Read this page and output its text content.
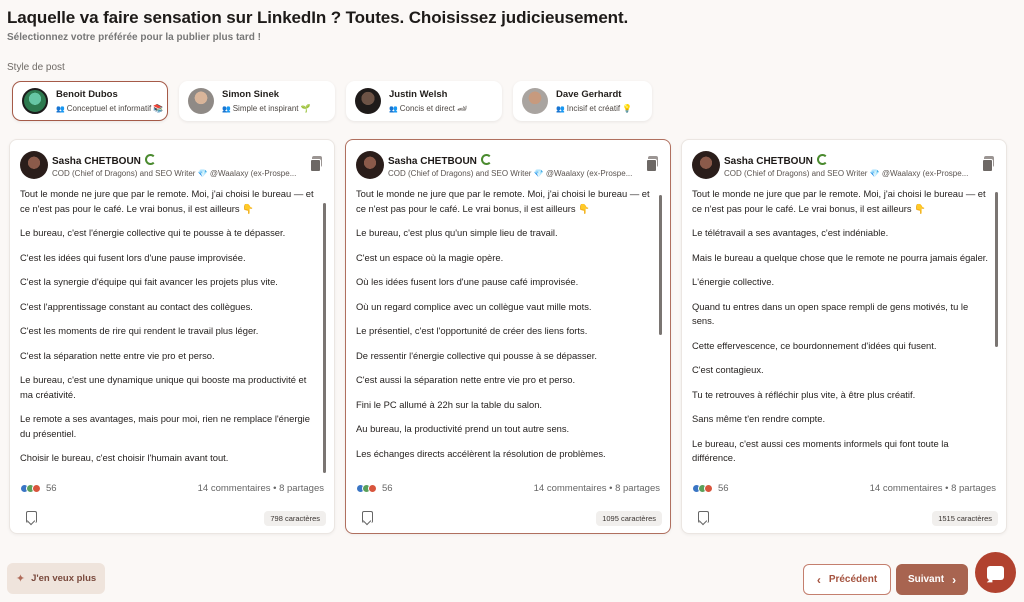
Laquelle va faire sensation sur LinkedIn ? Toutes. Choisissez judicieusement.
Sélectionnez votre préférée pour la publier plus tard !
Style de post
Benoit Dubos
👥 Conceptuel et informatif 📚
Simon Sinek
👥 Simple et inspirant 🌱
Justin Welsh
👥 Concis et direct 🏎
Dave Gerhardt
👥 Incisif et créatif 💡
Sasha CHETBOUN
COD (Chief of Dragons) and SEO Writer 💎 @Waalaxy (ex-Prospe...

Tout le monde ne jure que par le remote. Moi, j'ai choisi le bureau — et ce n'est pas pour le café. Le vrai bonus, il est ailleurs 👇

Le bureau, c'est l'énergie collective qui te pousse à te dépasser.

C'est les idées qui fusent lors d'une pause improvisée.

C'est la synergie d'équipe qui fait avancer les projets plus vite.

C'est l'apprentissage constant au contact des collègues.

C'est les moments de rire qui rendent le travail plus léger.

C'est la séparation nette entre vie pro et perso.

Le bureau, c'est une dynamique unique qui booste ma productivité et ma créativité.

Le remote a ses avantages, mais pour moi, rien ne remplace l'énergie du présentiel.

Choisir le bureau, c'est choisir l'humain avant tout.

56	14 commentaires • 8 partages
798 caractères
Sasha CHETBOUN
COD (Chief of Dragons) and SEO Writer 💎 @Waalaxy (ex-Prospe...

Tout le monde ne jure que par le remote. Moi, j'ai choisi le bureau — et ce n'est pas pour le café. Le vrai bonus, il est ailleurs 👇

Le bureau, c'est plus qu'un simple lieu de travail.

C'est un espace où la magie opère.

Où les idées fusent lors d'une pause café improvisée.

Où un regard complice avec un collègue vaut mille mots.

Le présentiel, c'est l'opportunité de créer des liens forts.

De ressentir l'énergie collective qui pousse à se dépasser.

C'est aussi la séparation nette entre vie pro et perso.

Fini le PC allumé à 22h sur la table du salon.

Au bureau, la productivité prend un tout autre sens.

Les échanges directs accélèrent la résolution de problèmes.

56	14 commentaires • 8 partages
1095 caractères
Sasha CHETBOUN
COD (Chief of Dragons) and SEO Writer 💎 @Waalaxy (ex-Prospe...

Tout le monde ne jure que par le remote. Moi, j'ai choisi le bureau — et ce n'est pas pour le café. Le vrai bonus, il est ailleurs 👇

Le télétravail a ses avantages, c'est indéniable.

Mais le bureau a quelque chose que le remote ne pourra jamais égaler.

L'énergie collective.

Quand tu entres dans un open space rempli de gens motivés, tu le sens.

Cette effervescence, ce bourdonnement d'idées qui fusent.

C'est contagieux.

Tu te retrouves à réfléchir plus vite, à être plus créatif.

Sans même t'en rendre compte.

Le bureau, c'est aussi ces moments informels qui font toute la différence.

56	14 commentaires • 8 partages
1515 caractères
✦ J'en veux plus	‹ Précédent	Suivant ›
